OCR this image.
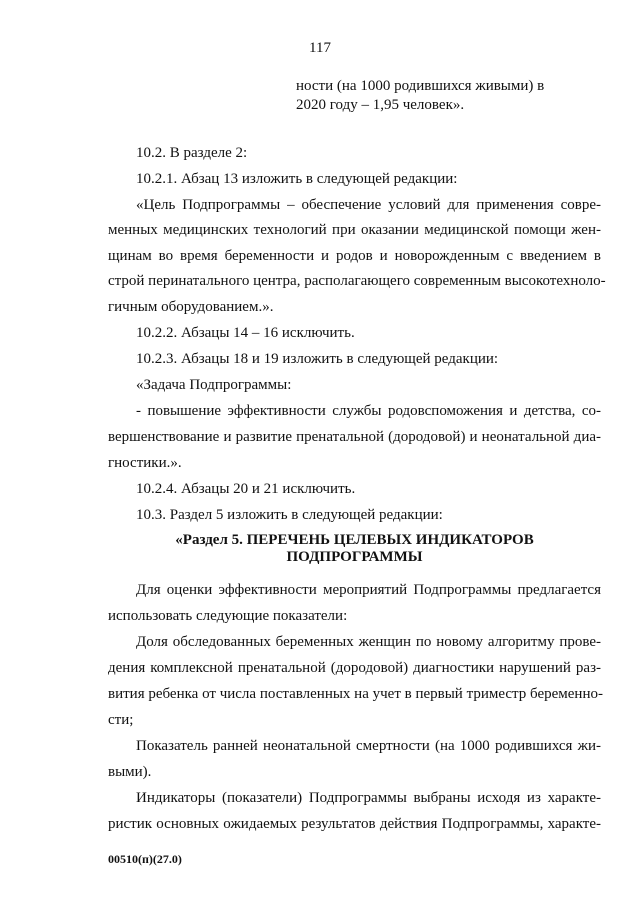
117
ности (на 1000 родившихся живыми) в
2020 году – 1,95 человек».
10.2. В разделе 2:
10.2.1. Абзац 13 изложить в следующей редакции:
«Цель Подпрограммы – обеспечение условий для применения совре-
менных медицинских технологий при оказании медицинской помощи жен-
щинам во время беременности и родов и новорожденным с введением в
строй перинатального центра, располагающего современным высокотехноло-
гичным оборудованием.».
10.2.2. Абзацы 14 – 16 исключить.
10.2.3. Абзацы 18 и 19 изложить в следующей редакции:
«Задача Подпрограммы:
- повышение эффективности службы родовспоможения и детства, со-
вершенствование и развитие пренатальной (дородовой) и неонатальной диа-
гностики.».
10.2.4. Абзацы 20 и 21 исключить.
10.3. Раздел 5 изложить в следующей редакции:
«Раздел 5. ПЕРЕЧЕНЬ ЦЕЛЕВЫХ ИНДИКАТОРОВ
ПОДПРОГРАММЫ
Для оценки эффективности мероприятий Подпрограммы предлагается
использовать следующие показатели:
Доля обследованных беременных женщин по новому алгоритму прове-
дения комплексной пренатальной (дородовой) диагностики нарушений раз-
вития ребенка от числа поставленных на учет в первый триместр беременно-
сти;
Показатель ранней неонатальной смертности (на 1000 родившихся жи-
выми).
Индикаторы (показатели) Подпрограммы выбраны исходя из характе-
ристик основных ожидаемых результатов действия Подпрограммы, характе-
00510(п)(27.0)
